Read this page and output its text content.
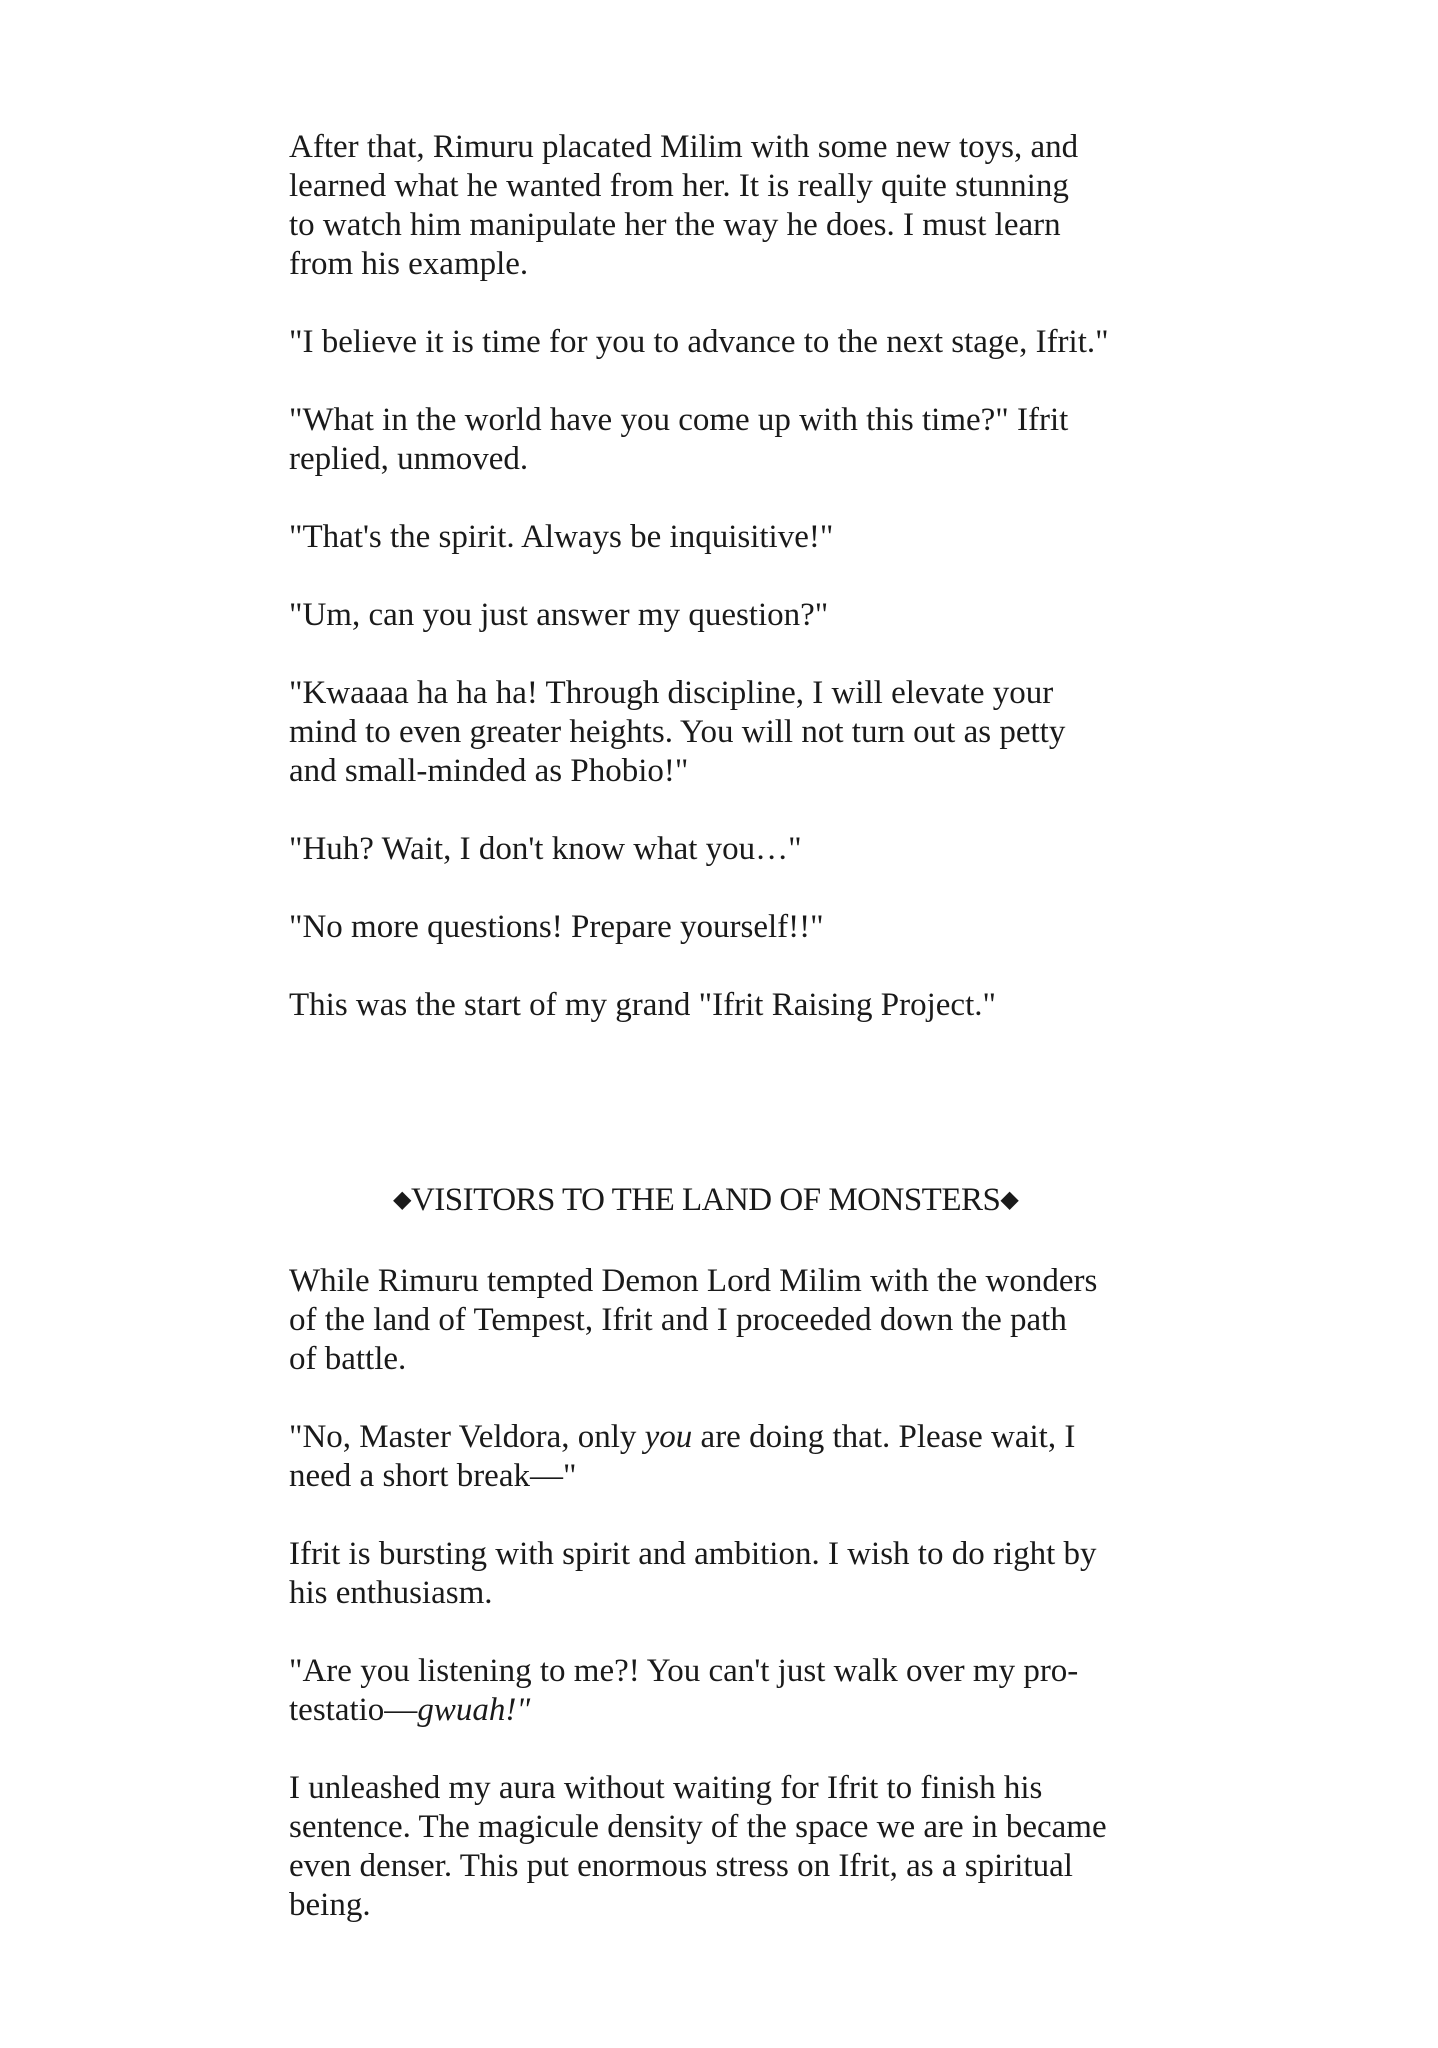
After that, Rimuru placated Milim with some new toys, and
learned what he wanted from her. It is really quite stunning
to watch him manipulate her the way he does. I must learn
from his example.

"I believe it is time for you to advance to the next stage, Ifrit."

"What in the world have you come up with this time?" Ifrit
replied, unmoved.

"That's the spirit. Always be inquisitive!"

"Um, can you just answer my question?"

"Kwaaaa ha ha ha! Through discipline, I will elevate your
mind to even greater heights. You will not turn out as petty
and small-minded as Phobio!"

"Huh? Wait, I don't know what you…"

"No more questions! Prepare yourself!!"

This was the start of my grand "Ifrit Raising Project."

◆VISITORS TO THE LAND OF MONSTERS◆

While Rimuru tempted Demon Lord Milim with the wonders
of the land of Tempest, Ifrit and I proceeded down the path
of battle.

"No, Master Veldora, only you are doing that. Please wait, I
need a short break—"

Ifrit is bursting with spirit and ambition. I wish to do right by
his enthusiasm.

"Are you listening to me?! You can't just walk over my pro-
testatio—gwuah!"

I unleashed my aura without waiting for Ifrit to finish his
sentence. The magicule density of the space we are in became
even denser. This put enormous stress on Ifrit, as a spiritual
being.
